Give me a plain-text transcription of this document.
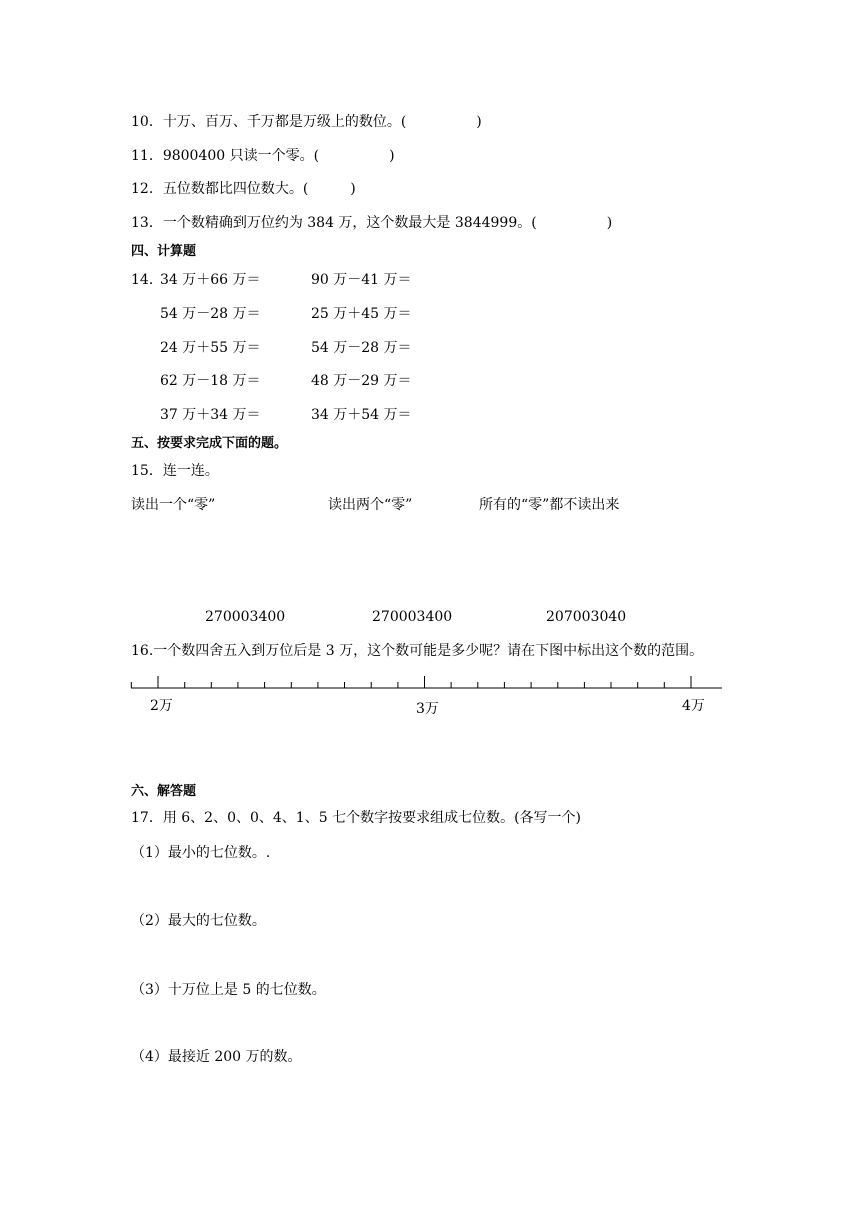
10．十万、百万、千万都是万级上的数位。(　　　　　)
11．9800400 只读一个零。(　　　　　)
12．五位数都比四位数大。(　　　)
13．一个数精确到万位约为 384 万，这个数最大是 3844999。(　　　　　)
四、计算题
14．
34 万＋66 万＝	90 万－41 万＝
54 万－28 万＝	25 万＋45 万＝
24 万＋55 万＝	54 万－28 万＝
62 万－18 万＝	48 万－29 万＝
37 万＋34 万＝	34 万＋54 万＝
五、按要求完成下面的题。
15．连一连。
读出一个“零”	读出两个“零”	所有的“零”都不读出来
270003400	270003400	207003040
16.一个数四舍五入到万位后是 3 万，这个数可能是多少呢？请在下图中标出这个数的范围。
2万	3万	4万
六、解答题
17．用 6、2、0、0、4、1、5 七个数字按要求组成七位数。(各写一个)
（1）最小的七位数。.
（2）最大的七位数。
（3）十万位上是 5 的七位数。
（4）最接近 200 万的数。
